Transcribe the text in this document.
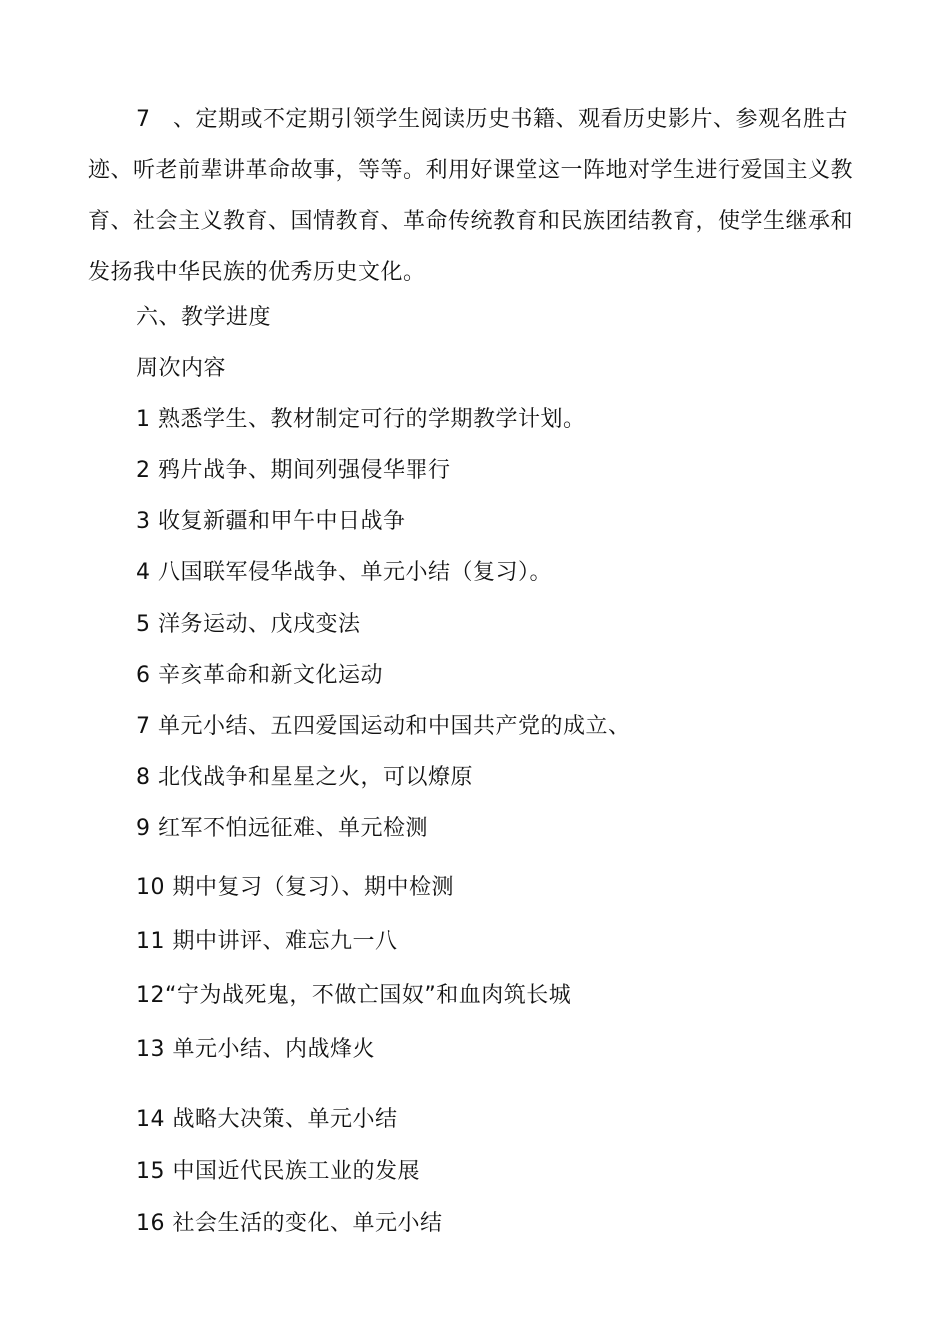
7　、定期或不定期引领学生阅读历史书籍、观看历史影片、参观名胜古迹、听老前辈讲革命故事，等等。利用好课堂这一阵地对学生进行爱国主义教育、社会主义教育、国情教育、革命传统教育和民族团结教育，使学生继承和发扬我中华民族的优秀历史文化。

六、教学进度

周次内容

1 熟悉学生、教材制定可行的学期教学计划。

2 鸦片战争、期间列强侵华罪行

3 收复新疆和甲午中日战争

4 八国联军侵华战争、单元小结（复习）。

5 洋务运动、戊戌变法

6 辛亥革命和新文化运动

7 单元小结、五四爱国运动和中国共产党的成立、

8 北伐战争和星星之火，可以燎原

9 红军不怕远征难、单元检测

10 期中复习（复习）、期中检测

11 期中讲评、难忘九一八

12“宁为战死鬼，不做亡国奴”和血肉筑长城

13 单元小结、内战烽火

14 战略大决策、单元小结

15 中国近代民族工业的发展

16 社会生活的变化、单元小结
